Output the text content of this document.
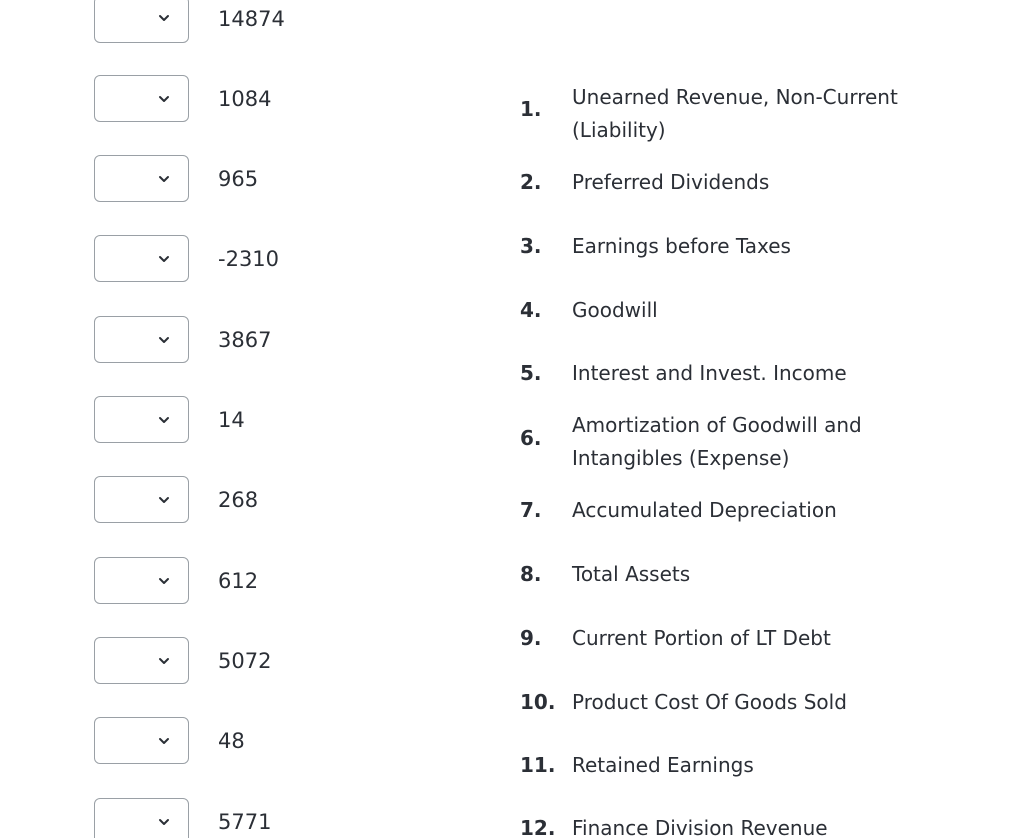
14874
1084
965
-2310
3867
14
268
612
5072
48
5771
1. Unearned Revenue, Non-Current (Liability)
2. Preferred Dividends
3. Earnings before Taxes
4. Goodwill
5. Interest and Invest. Income
6.
Amortization of Goodwill and Intangibles (Expense)
7. Accumulated Depreciation
8. Total Assets
9. Current Portion of LT Debt
10. Product Cost Of Goods Sold
11. Retained Earnings
12. Finance Division Revenue
